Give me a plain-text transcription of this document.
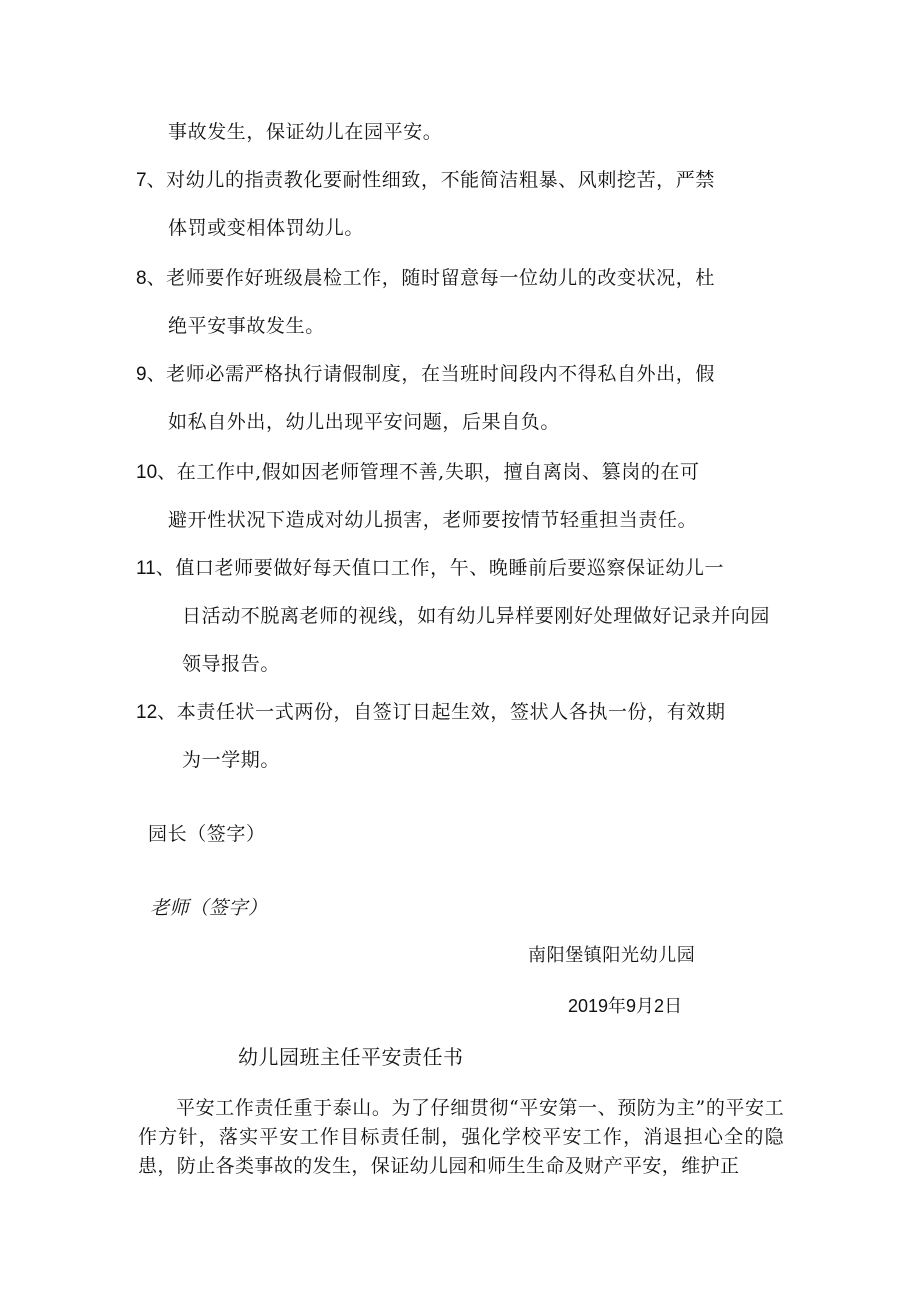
事故发生，保证幼儿在园平安。
7、对幼儿的指责教化要耐性细致，不能简洁粗暴、风刺挖苦，严禁
体罚或变相体罚幼儿。
8、老师要作好班级晨检工作，随时留意每一位幼儿的改变状况，杜
绝平安事故发生。
9、老师必需严格执行请假制度，在当班时间段内不得私自外出，假
如私自外出，幼儿出现平安问题，后果自负。
10、在工作中,假如因老师管理不善,失职，擅自离岗、篡岗的在可
避开性状况下造成对幼儿损害，老师要按情节轻重担当责任。
11、值口老师要做好每天值口工作，午、晚睡前后要巡察保证幼儿一
日活动不脱离老师的视线，如有幼儿异样要刚好处理做好记录并向园
领导报告。
12、本责任状一式两份，自签订日起生效，签状人各执一份，有效期
为一学期。
园长（签字）
老师（签字）
南阳堡镇阳光幼儿园
2019年9月2日
幼儿园班主任平安责任书
平安工作责任重于泰山。为了仔细贯彻“平安第一、预防为主”的平安工作方针，落实平安工作目标责任制，强化学校平安工作，消退担心全的隐患，防止各类事故的发生，保证幼儿园和师生生命及财产平安，维护正
